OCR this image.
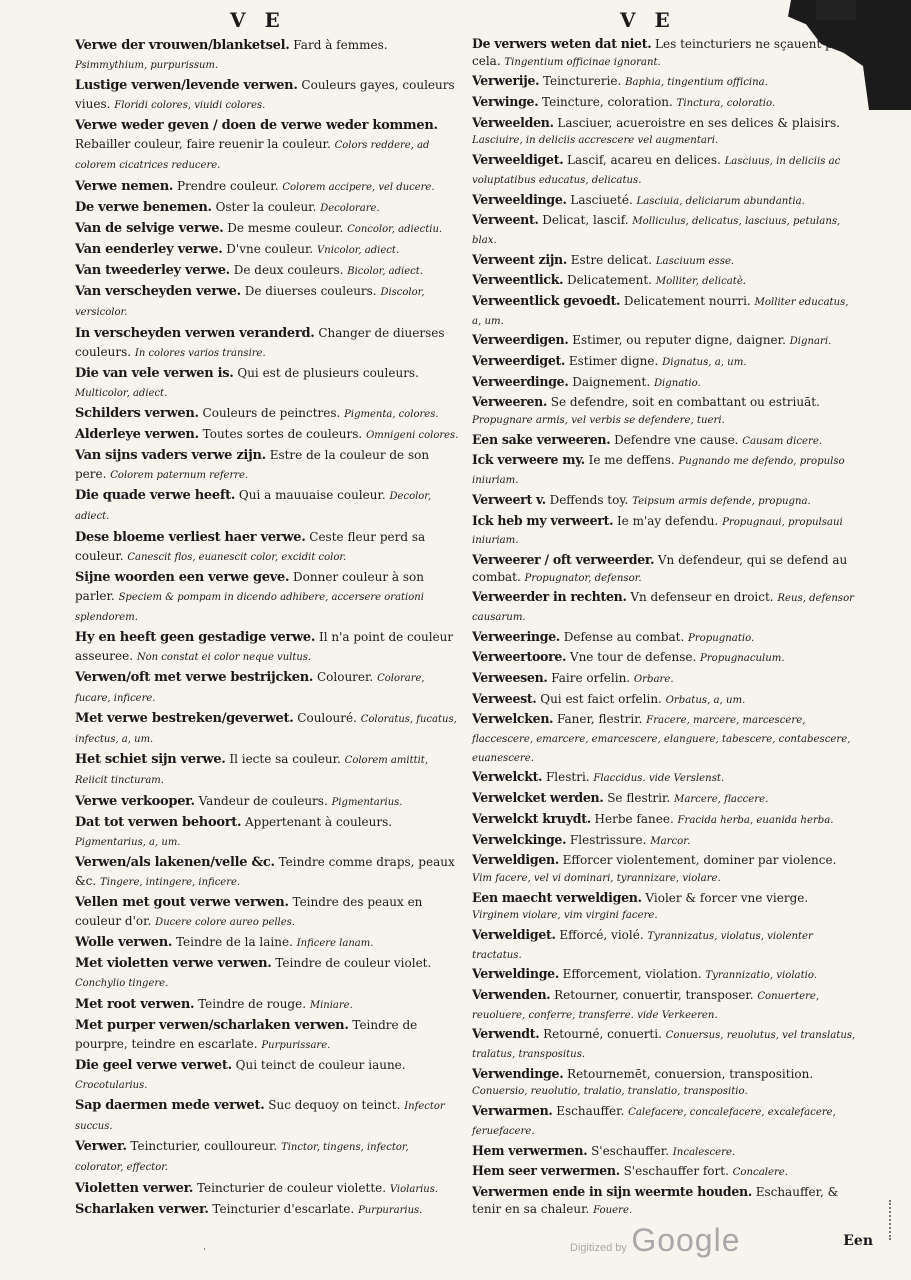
V E	V E
Verwe der vrouwen/blanketsel. Fard à femmes. Psimmythium, purpurissum.
Lustige verwen/levende verwen. Couleurs gayes, couleurs viues. Floridi colores, viuidi colores.
Verwe weder geven / doen de verwe weder kommen. Rebailler couleur, faire reuenir la couleur. Colors reddere, ad colorem cicatrices reducere.
Verwe nemen. Prendre couleur. Colorem accipere, vel ducere.
De verwe benemen. Oster la couleur. Decolorare.
Van de selvige verwe. De mesme couleur. Concolor, adiectiu.
Van eenderley verwe. D'vne couleur. Vnicolor, adiect.
Van tweederley verwe. De deux couleurs. Bicolor, adiect.
Van verscheyden verwe. De diuerses couleurs. Discolor, versicolor.
In verscheyden verwen veranderd. Changer de diuerses couleurs. In colores varios transire.
Die van vele verwen is. Qui est de plusieurs couleurs. Multicolor, adiect.
Schilders verwen. Couleurs de peinctres. Pigmenta, colores.
Alderleye verwen. Toutes sortes de couleurs. Omnigeni colores.
Van sijns vaders verwe zijn. Estre de la couleur de son pere. Colorem paternum referre.
Die quade verwe heeft. Qui a mauuaise couleur. Decolor, adiect.
Dese bloeme verliest haer verwe. Ceste fleur perd sa couleur. Canescit flos, euanescit color, excidit color.
Sijne woorden een verwe geve. Donner couleur à son parler. Speciem & pompam in dicendo adhibere, accersere orationi splendorem.
Hy en heeft geen gestadige verwe. Il n'a point de couleur asseuree. Non constat ei color neque vultus.
Verwen/oft met verwe bestrijcken. Colourer. Colorare, fucare, inficere.
Met verwe bestreken/geverwet. Coulouré. Coloratus, fucatus, infectus, a, um.
Het schiet sijn verwe. Il iecte sa couleur. Colorem amittit, Reiicit tincturam.
Verwe verkooper. Vandeur de couleurs. Pigmentarius.
Dat tot verwen behoort. Appertenant à couleurs. Pigmentarius, a, um.
Verwen/als lakenen/velle &c. Teindre comme draps, peaux &c. Tingere, intingere, inficere.
Vellen met gout verwe verwen. Teindre des peaux en couleur d'or. Ducere colore aureo pelles.
Wolle verwen. Teindre de la laine. Inficere lanam.
Met violetten verwe verwen. Teindre de couleur violet. Conchylio tingere.
Met root verwen. Teindre de rouge. Miniare.
Met purper verwen/scharlaken verwen. Teindre de pourpre, teindre en escarlate. Purpurissare.
Die geel verwe verwet. Qui teinct de couleur iaune. Crocotularius.
Sap daermen mede verwet. Suc dequoy on teinct. Infector succus.
Verwer. Teincturier, coulloureur. Tinctor, tingens, infector, colorator, effector.
Violetten verwer. Teincturier de couleur violette. Violarius.
Scharlaken verwer. Teincturier d'escarlate. Purpurarius.
De verwers weten dat niet. Les teincturiers ne sçauent pas cela. Tingentium officinae ignorant.
Verwerije. Teincturerie. Baphia, tingentium officina.
Verwinge. Teincture, coloration. Tinctura, coloratio.
Verweelden. Lasciuer, acueroistre en ses delices & plaisirs. Lasciuire, in deliciis accrescere vel augmentari.
Verweeldiget. Lascif, acareu en delices. Lasciuus, in deliciis ac voluptatibus educatus, delicatus.
Verweeldinge. Lasciueté. Lasciuia, deliciarum abundantia.
Verweent. Delicat, lascif. Molliculus, delicatus, lasciuus, petulans, blax.
Verweent zijn. Estre delicat. Lasciuum esse.
Verweentlick. Delicatement. Molliter, delicatè.
Verweentlick gevoedt. Delicatement nourri. Molliter educatus, a, um.
Verweerdigen. Estimer, ou reputer digne, daigner. Dignari.
Verweerdiget. Estimer digne. Dignatus, a, um.
Verweerdinge. Daignement. Dignatio.
Verweeren. Se defendre, soit en combattant ou estriuāt. Propugnare armis, vel verbis se defendere, tueri.
Een sake verweeren. Defendre vne cause. Causam dicere.
Ick verweere my. Ie me deffens. Pugnando me defendo, propulso iniuriam.
Verweert v. Deffends toy. Teipsum armis defende, propugna.
Ick heb my verweert. Ie m'ay defendu. Propugnaui, propulsaui iniuriam.
Verweerer / oft verweerder. Vn defendeur, qui se defend au combat. Propugnator, defensor.
Verweerder in rechten. Vn defenseur en droict. Reus, defensor causarum.
Verweeringe. Defense au combat. Propugnatio.
Verweertoore. Vne tour de defense. Propugnaculum.
Verweesen. Faire orfelin. Orbare.
Verweest. Qui est faict orfelin. Orbatus, a, um.
Verwelcken. Faner, flestrir. Fracere, marcere, marcescere, flaccescere, emarcere, emarcescere, elanguere, tabescere, contabescere, euanescere.
Verwelckt. Flestri. Flaccidus. vide Verslenst.
Verwelcket werden. Se flestrir. Marcere, flaccere.
Verwelckt kruydt. Herbe fanee. Fracida herba, euanida herba.
Verwelckinge. Flestrissure. Marcor.
Verweldigen. Efforcer violentement, dominer par violence. Vim facere, vel vi dominari, tyrannizare, violare.
Een maecht verweldigen. Violer & forcer vne vierge. Virginem violare, vim virgini facere.
Verweldiget. Efforcé, violé. Tyrannizatus, violatus, violenter tractatus.
Verweldinge. Efforcement, violation. Tyrannizatio, violatio.
Verwenden. Retourner, conuertir, transposer. Conuertere, reuoluere, conferre, transferre. vide Verkeeren.
Verwendt. Retourné, conuerti. Conuersus, reuolutus, vel translatus, tralatus, transpositus.
Verwendinge. Retournemēt, conuersion, transposition. Conuersio, reuolutio, tralatio, translatio, transpositio.
Verwarmen. Eschauffer. Calefacere, concalefacere, excalefacere, feruefacere.
Hem verwermen. S'eschauffer. Incalescere.
Hem seer verwermen. S'eschauffer fort. Concalere.
Verwermen ende in sijn weermte houden. Eschauffer, & tenir en sa chaleur. Fouere.
˙	Digitized by Google	Een
